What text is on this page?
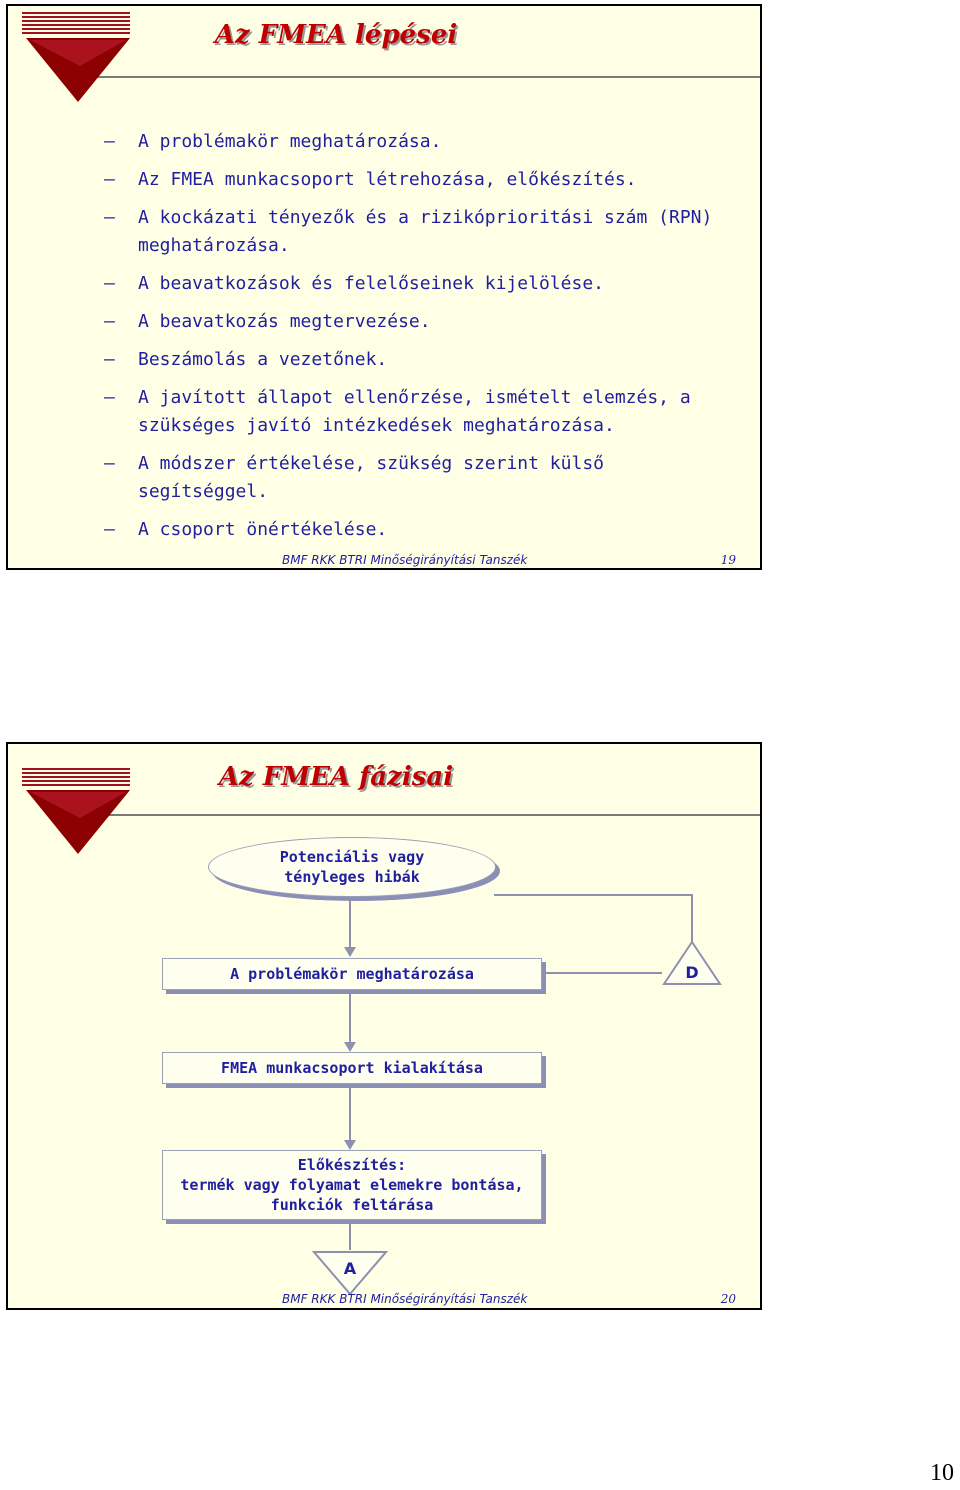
Az FMEA lépései
– A problémakör meghatározása.
– Az FMEA munkacsoport létrehozása, előkészítés.
– A kockázati tényezők és a rizikóprioritási szám (RPN) meghatározása.
– A beavatkozások és felelőseinek kijelölése.
– A beavatkozás megtervezése.
– Beszámolás a vezetőnek.
– A javított állapot ellenőrzése, ismételt elemzés, a szükséges javító intézkedések meghatározása.
– A módszer értékelése, szükség szerint külső segítséggel.
– A csoport önértékelése.
BMF RKK BTRI Minőségirányítási Tanszék	19
Az FMEA fázisai
Potenciális vagy
tényleges hibák
A problémakör meghatározása	D
FMEA munkacsoport kialakítása
Előkészítés:
termék vagy folyamat elemekre bontása,
funkciók feltárása
A
BMF RKK BTRI Minőségirányítási Tanszék	20
10
